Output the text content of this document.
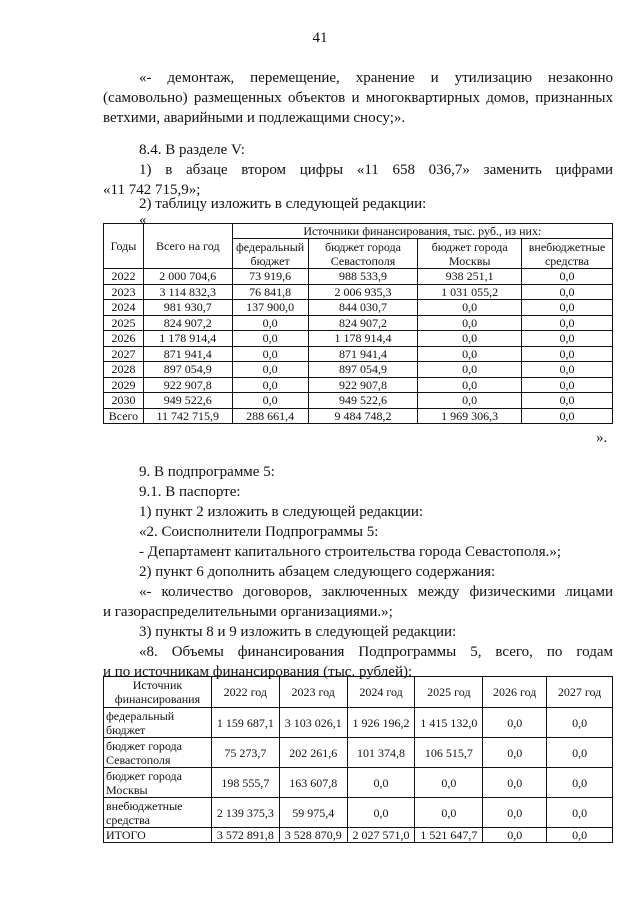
41
«- демонтаж, перемещение, хранение и утилизацию незаконно
(самовольно) размещенных объектов и многоквартирных домов, признанных
ветхими, аварийными и подлежащими сносу;».
8.4. В разделе V:
1) в абзаце втором цифры «11 658 036,7» заменить цифрами
«11 742 715,9»;
2) таблицу изложить в следующей редакции:
«
Годы	Всего на год	Источники финансирования, тыс. руб., из них:			
		федеральный бюджет	бюджет города Севастополя	бюджет города Москвы	внебюджетные средства
2022	2 000 704,6	73 919,6	988 533,9	938 251,1	0,0
2023	3 114 832,3	76 841,8	2 006 935,3	1 031 055,2	0,0
2024	981 930,7	137 900,0	844 030,7	0,0	0,0
2025	824 907,2	0,0	824 907,2	0,0	0,0
2026	1 178 914,4	0,0	1 178 914,4	0,0	0,0
2027	871 941,4	0,0	871 941,4	0,0	0,0
2028	897 054,9	0,0	897 054,9	0,0	0,0
2029	922 907,8	0,0	922 907,8	0,0	0,0
2030	949 522,6	0,0	949 522,6	0,0	0,0
Всего	11 742 715,9	288 661,4	9 484 748,2	1 969 306,3	0,0
».
9. В подпрограмме 5:
9.1. В паспорте:
1) пункт 2 изложить в следующей редакции:
«2. Соисполнители Подпрограммы 5:
- Департамент капитального строительства города Севастополя.»;
2) пункт 6 дополнить абзацем следующего содержания:
«- количество договоров, заключенных между физическими лицами
и газораспределительными организациями.»;
3) пункты 8 и 9 изложить в следующей редакции:
«8. Объемы финансирования Подпрограммы 5, всего, по годам
и по источникам финансирования (тыс. рублей):
Источник финансирования	2022 год	2023 год	2024 год	2025 год	2026 год	2027 год
федеральный бюджет	1 159 687,1	3 103 026,1	1 926 196,2	1 415 132,0	0,0	0,0
бюджет города Севастополя	75 273,7	202 261,6	101 374,8	106 515,7	0,0	0,0
бюджет города Москвы	198 555,7	163 607,8	0,0	0,0	0,0	0,0
внебюджетные средства	2 139 375,3	59 975,4	0,0	0,0	0,0	0,0
ИТОГО	3 572 891,8	3 528 870,9	2 027 571,0	1 521 647,7	0,0	0,0
